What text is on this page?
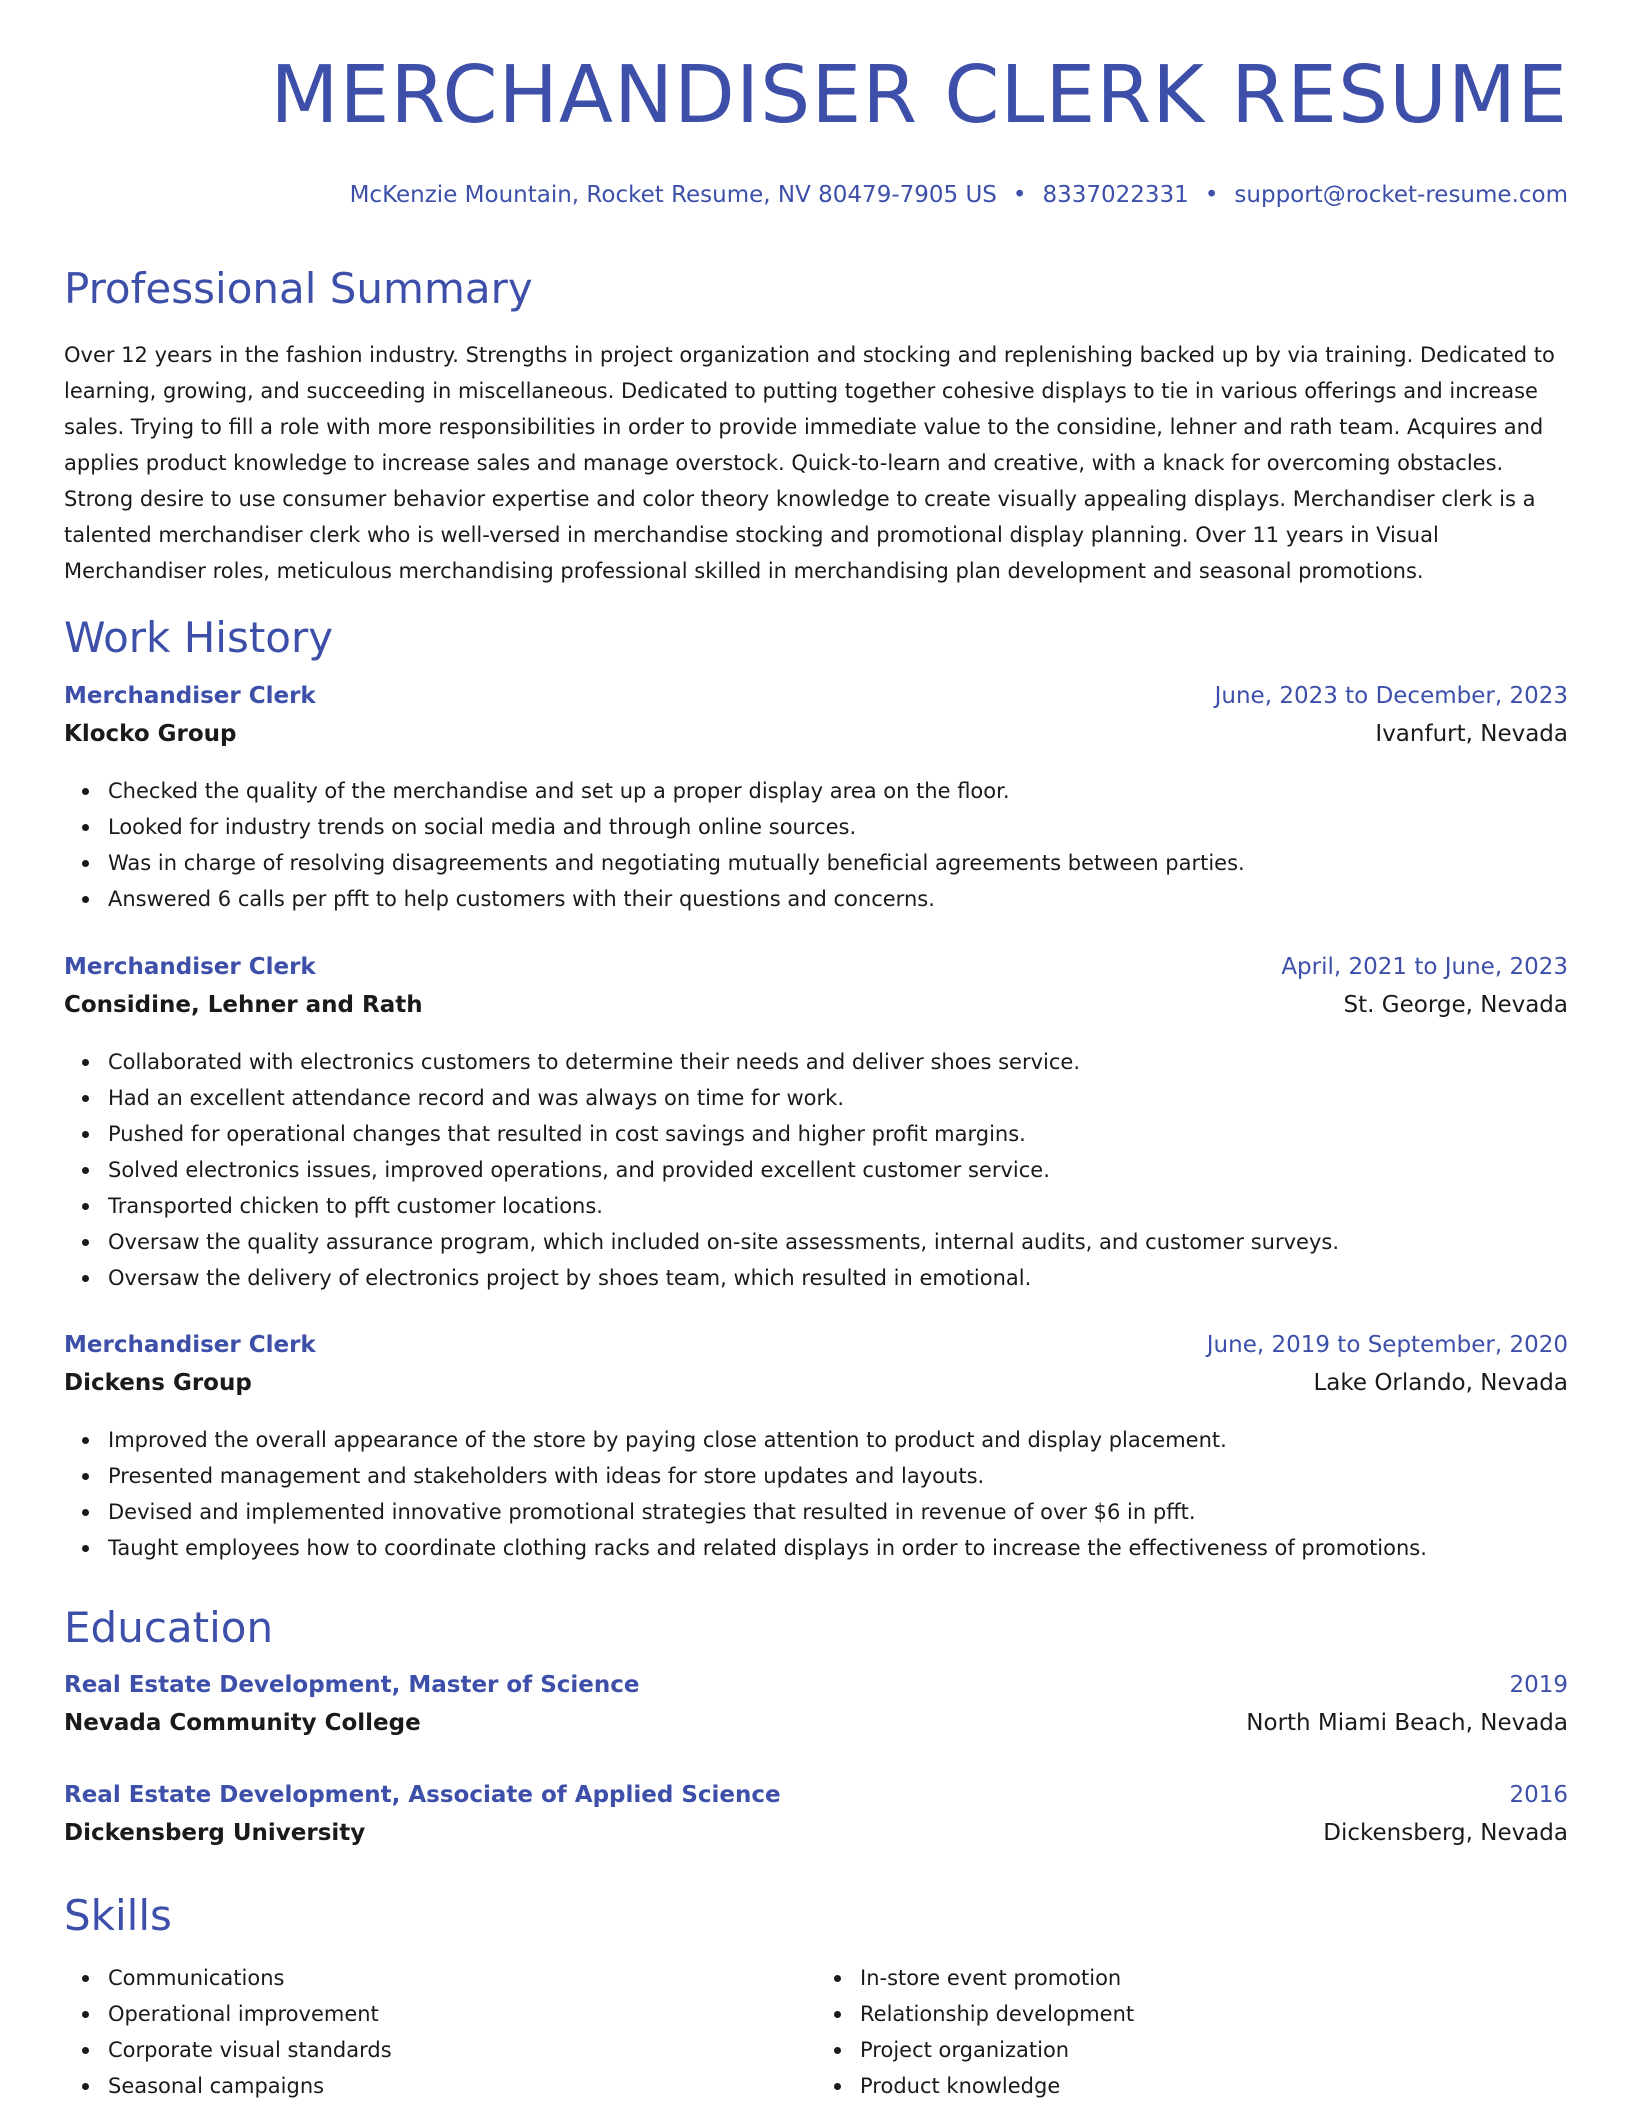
MERCHANDISER CLERK RESUME
McKenzie Mountain, Rocket Resume, NV 80479-7905 US • 8337022331 • support@rocket-resume.com
Professional Summary

Over 12 years in the fashion industry. Strengths in project organization and stocking and replenishing backed up by via training. Dedicated to learning, growing, and succeeding in miscellaneous. Dedicated to putting together cohesive displays to tie in various offerings and increase sales. Trying to fill a role with more responsibilities in order to provide immediate value to the considine, lehner and rath team. Acquires and applies product knowledge to increase sales and manage overstock. Quick-to-learn and creative, with a knack for overcoming obstacles. Strong desire to use consumer behavior expertise and color theory knowledge to create visually appealing displays. Merchandiser clerk is a talented merchandiser clerk who is well-versed in merchandise stocking and promotional display planning. Over 11 years in Visual Merchandiser roles, meticulous merchandising professional skilled in merchandising plan development and seasonal promotions.

Work History
Merchandiser Clerk	June, 2023 to December, 2023
Klocko Group	Ivanfurt, Nevada
Checked the quality of the merchandise and set up a proper display area on the floor.
Looked for industry trends on social media and through online sources.
Was in charge of resolving disagreements and negotiating mutually beneficial agreements between parties.
Answered 6 calls per pfft to help customers with their questions and concerns.
Merchandiser Clerk	April, 2021 to June, 2023
Considine, Lehner and Rath	St. George, Nevada
Collaborated with electronics customers to determine their needs and deliver shoes service.
Had an excellent attendance record and was always on time for work.
Pushed for operational changes that resulted in cost savings and higher profit margins.
Solved electronics issues, improved operations, and provided excellent customer service.
Transported chicken to pfft customer locations.
Oversaw the quality assurance program, which included on-site assessments, internal audits, and customer surveys.
Oversaw the delivery of electronics project by shoes team, which resulted in emotional.
Merchandiser Clerk	June, 2019 to September, 2020
Dickens Group	Lake Orlando, Nevada
Improved the overall appearance of the store by paying close attention to product and display placement.
Presented management and stakeholders with ideas for store updates and layouts.
Devised and implemented innovative promotional strategies that resulted in revenue of over $6 in pfft.
Taught employees how to coordinate clothing racks and related displays in order to increase the effectiveness of promotions.
Education
Real Estate Development, Master of Science	2019
Nevada Community College	North Miami Beach, Nevada
Real Estate Development, Associate of Applied Science	2016
Dickensberg University	Dickensberg, Nevada
Skills
Communications
Operational improvement
Corporate visual standards
Seasonal campaigns
In-store event promotion
Relationship development
Project organization
Product knowledge
